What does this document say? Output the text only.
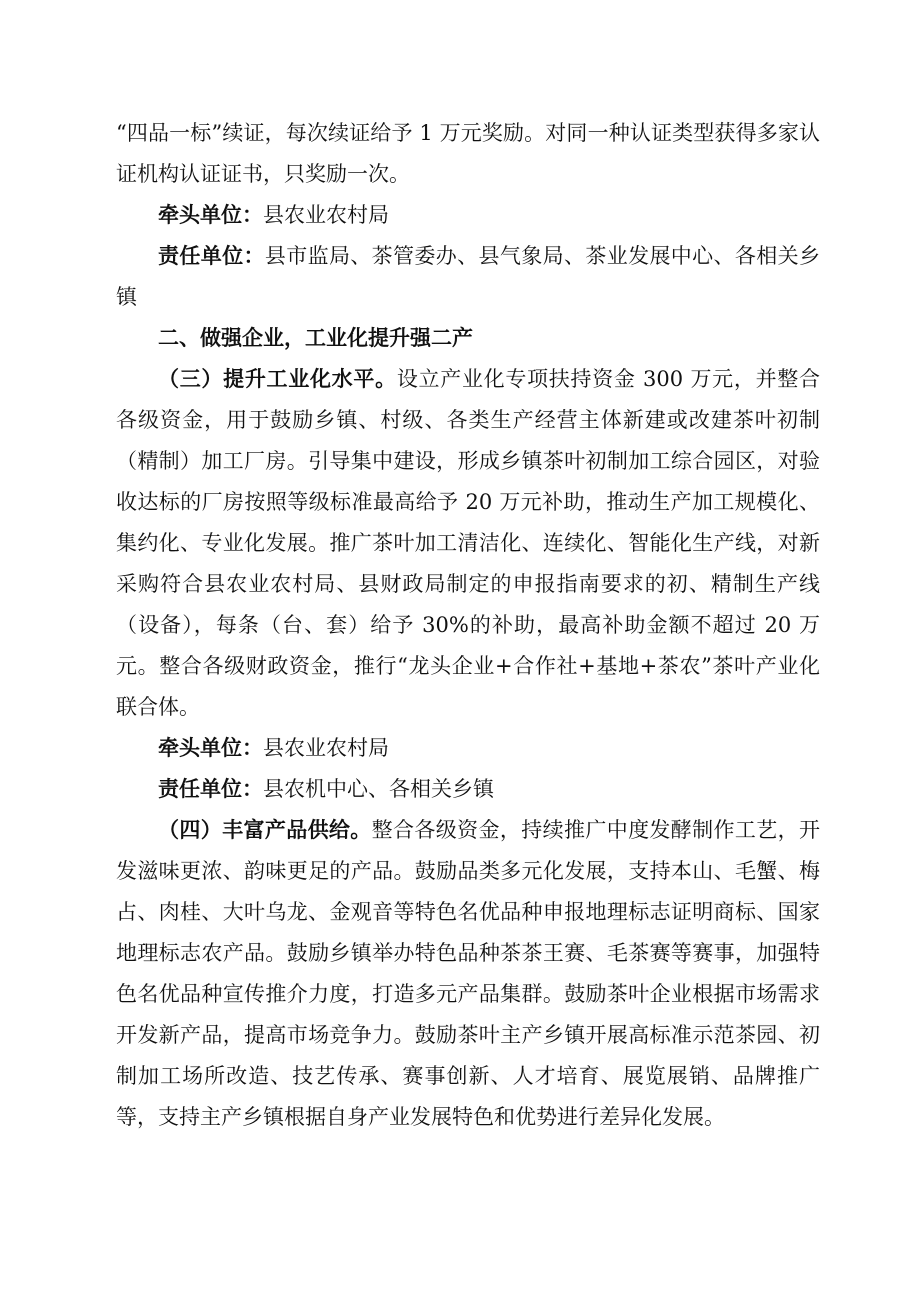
“四品一标”续证，每次续证给予 1 万元奖励。对同一种认证类型获得多家认证机构认证证书，只奖励一次。

牵头单位：县农业农村局

责任单位：县市监局、茶管委办、县气象局、茶业发展中心、各相关乡镇

二、做强企业，工业化提升强二产

（三）提升工业化水平。设立产业化专项扶持资金 300 万元，并整合各级资金，用于鼓励乡镇、村级、各类生产经营主体新建或改建茶叶初制（精制）加工厂房。引导集中建设，形成乡镇茶叶初制加工综合园区，对验收达标的厂房按照等级标准最高给予 20 万元补助，推动生产加工规模化、集约化、专业化发展。推广茶叶加工清洁化、连续化、智能化生产线，对新采购符合县农业农村局、县财政局制定的申报指南要求的初、精制生产线（设备），每条（台、套）给予 30%的补助，最高补助金额不超过 20 万元。整合各级财政资金，推行“龙头企业+合作社+基地+茶农”茶叶产业化联合体。

牵头单位：县农业农村局

责任单位：县农机中心、各相关乡镇

（四）丰富产品供给。整合各级资金，持续推广中度发酵制作工艺，开发滋味更浓、韵味更足的产品。鼓励品类多元化发展，支持本山、毛蟹、梅占、肉桂、大叶乌龙、金观音等特色名优品种申报地理标志证明商标、国家地理标志农产品。鼓励乡镇举办特色品种茶茶王赛、毛茶赛等赛事，加强特色名优品种宣传推介力度，打造多元产品集群。鼓励茶叶企业根据市场需求开发新产品，提高市场竞争力。鼓励茶叶主产乡镇开展高标准示范茶园、初制加工场所改造、技艺传承、赛事创新、人才培育、展览展销、品牌推广等，支持主产乡镇根据自身产业发展特色和优势进行差异化发展。
